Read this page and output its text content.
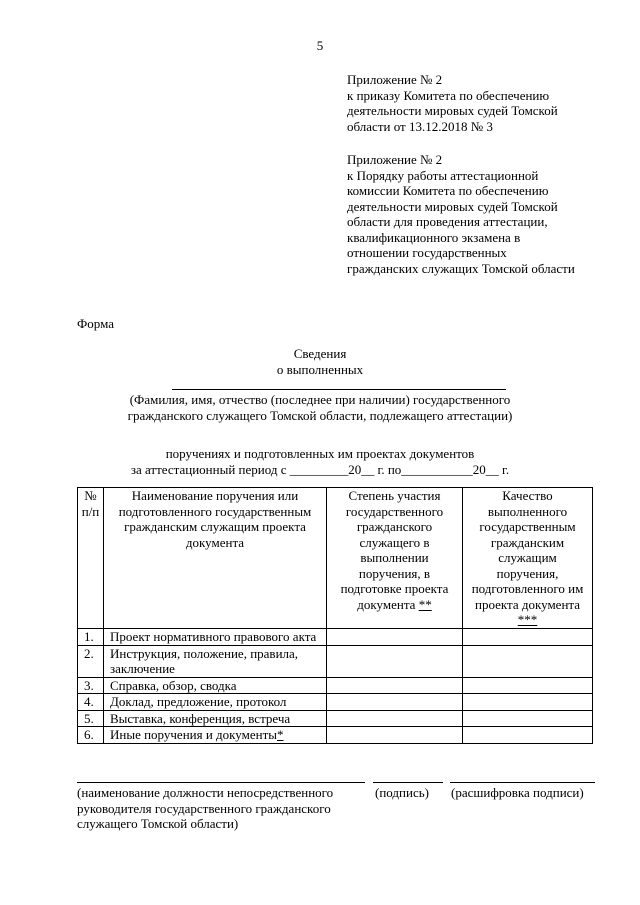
5
Приложение № 2
к приказу Комитета по обеспечению
деятельности мировых судей Томской
области от 13.12.2018 № 3
Приложение № 2
к Порядку работы аттестационной
комиссии Комитета по обеспечению
деятельности мировых судей Томской
области для проведения аттестации,
квалификационного экзамена в
отношении государственных
гражданских служащих Томской области
Форма
Сведения
о выполненных
(Фамилия, имя, отчество (последнее при наличии) государственного
гражданского служащего Томской области, подлежащего аттестации)
поручениях и подготовленных им проектах документов
за аттестационный период с _________20__ г. по___________20__ г.
№ п/п	Наименование поручения или подготовленного государственным гражданским служащим проекта документа	Степень участия государственного гражданского служащего в выполнении поручения, в подготовке проекта документа **	Качество выполненного государственным гражданским служащим поручения, подготовленного им проекта документа ***
1.	Проект нормативного правового акта		
2.	Инструкция, положение, правила, заключение		
3.	Справка, обзор, сводка		
4.	Доклад, предложение, протокол		
5.	Выставка, конференция, встреча		
6.	Иные поручения и документы*		
(наименование должности непосредственного
руководителя государственного гражданского
служащего Томской области)
(подпись) (расшифровка подписи)
